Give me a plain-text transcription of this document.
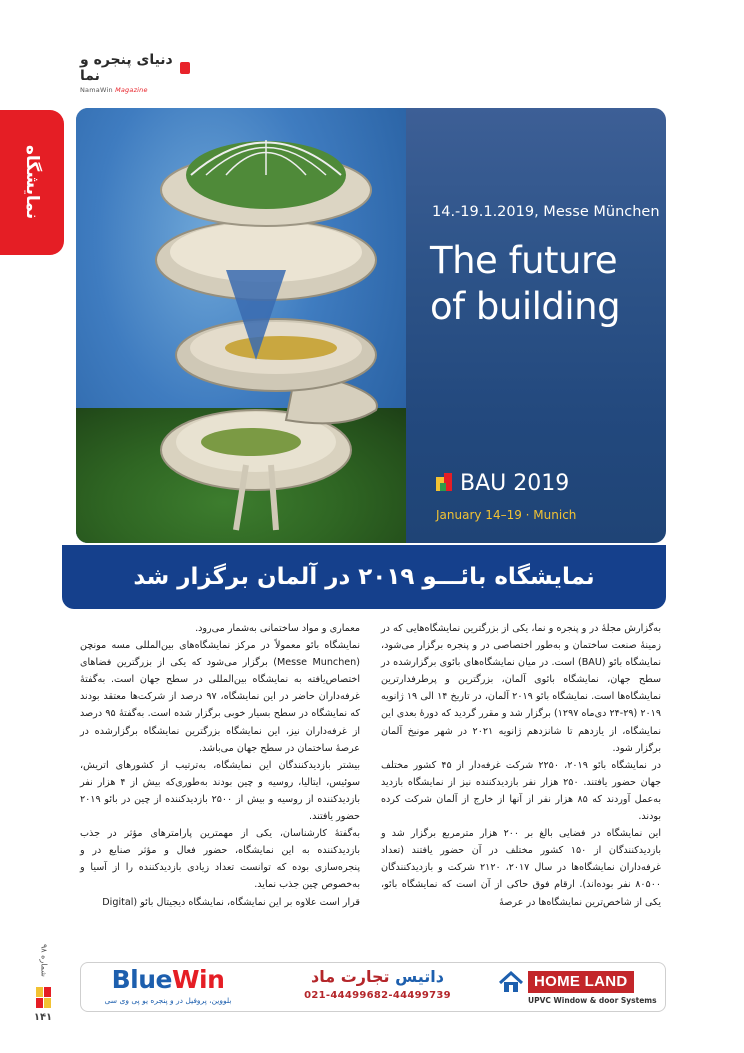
دنیای پنجره و نما
NamaWin Magazine
نمایشگاه	14.-19.1.2019, Messe München
The future
of building
BAU 2019
January 14–19 · Munich
نمایشگاه بائـــو ۲۰۱۹ در آلمان برگزار شد

به‌گزارش مجلهٔ در و پنجره و نما، یکی از بزرگترین نمایشگاه‌هایی که در زمینهٔ صنعت ساختمان و به‌طور اختصاصی در و پنجره برگزار می‌شود، نمایشگاه بائو (BAU) است. در میان نمایشگاه‌های بائوی برگزارشده در سطح جهان، نمایشگاه بائوی آلمان، بزرگترین و پرطرفدارترین نمایشگاه‌ها است. نمایشگاه بائو ۲۰۱۹ آلمان، در تاریخ ۱۴ الی ۱۹ ژانویه ۲۰۱۹ (۲۹-۲۴ دی‌ماه ۱۲۹۷) برگزار شد و مقرر گردید که دورهٔ بعدی این نمایشگاه، از یازدهم تا شانزدهم ژانویه ۲۰۲۱ در شهر مونیخ آلمان برگزار شود.

در نمایشگاه بائو ۲۰۱۹، ۲۲۵۰ شرکت غرفه‌دار از ۴۵ کشور مختلف جهان حضور یافتند. ۲۵۰ هزار نفر بازدیدکننده نیز از نمایشگاه بازدید به‌عمل آوردند که ۸۵ هزار نفر از آنها از خارج از آلمان شرکت کرده بودند.

این نمایشگاه در فضایی بالغ بر ۲۰۰ هزار مترمربع برگزار شد و بازدیدکنندگان از ۱۵۰ کشور مختلف در آن حضور یافتند (تعداد غرفه‌داران نمایشگاه‌ها در سال ۲۰۱۷، ۲۱۲۰ شرکت و بازدیدکنندگان ۸۰۵۰۰ نفر بوده‌اند). ارقام فوق حاکی از آن است که نمایشگاه بائو، یکی از شاخص‌ترین نمایشگاه‌ها در عرصهٔ

معماری و مواد ساختمانی به‌شمار می‌رود.

نمایشگاه بائو معمولاً در مرکز نمایشگاه‌های بین‌المللی مسه مونچن (Messe Munchen) برگزار می‌شود که یکی از بزرگترین فضاهای اختصاص‌یافته به نمایشگاه بین‌المللی در سطح جهان است. به‌گفتهٔ غرفه‌داران حاضر در این نمایشگاه، ۹۷ درصد از شرکت‌ها معتقد بودند که نمایشگاه در سطح بسیار خوبی برگزار شده است. به‌گفتهٔ ۹۵ درصد از غرفه‌داران نیز، این نمایشگاه بزرگترین نمایشگاه برگزارشده در عرصهٔ ساختمان در سطح جهان می‌باشد.

بیشتر بازدیدکنندگان این نمایشگاه، به‌ترتیب از کشورهای اتریش، سوئیس، ایتالیا، روسیه و چین بودند به‌طوری‌که بیش از ۴ هزار نفر بازدیدکننده از روسیه و بیش از ۲۵۰۰ بازدیدکننده از چین در بائو ۲۰۱۹ حضور یافتند.

به‌گفتهٔ کارشناسان، یکی از مهمترین پارامترهای مؤثر در جذب بازدیدکننده به این نمایشگاه، حضور فعال و مؤثر صنایع در و پنجره‌سازی بوده که توانست تعداد زیادی بازدیدکننده را از آسیا و به‌خصوص چین جذب نماید.

قرار است علاوه بر این نمایشگاه، نمایشگاه دیجیتال بائو (Digital

شماره ۹۸
۱۴۱
BlueWin
بلووین، پروفیل در و پنجره یو پی وی سی
داتیس تجارت ماد
021-44499682-44499739
HOME LAND
UPVC Window & door Systems
